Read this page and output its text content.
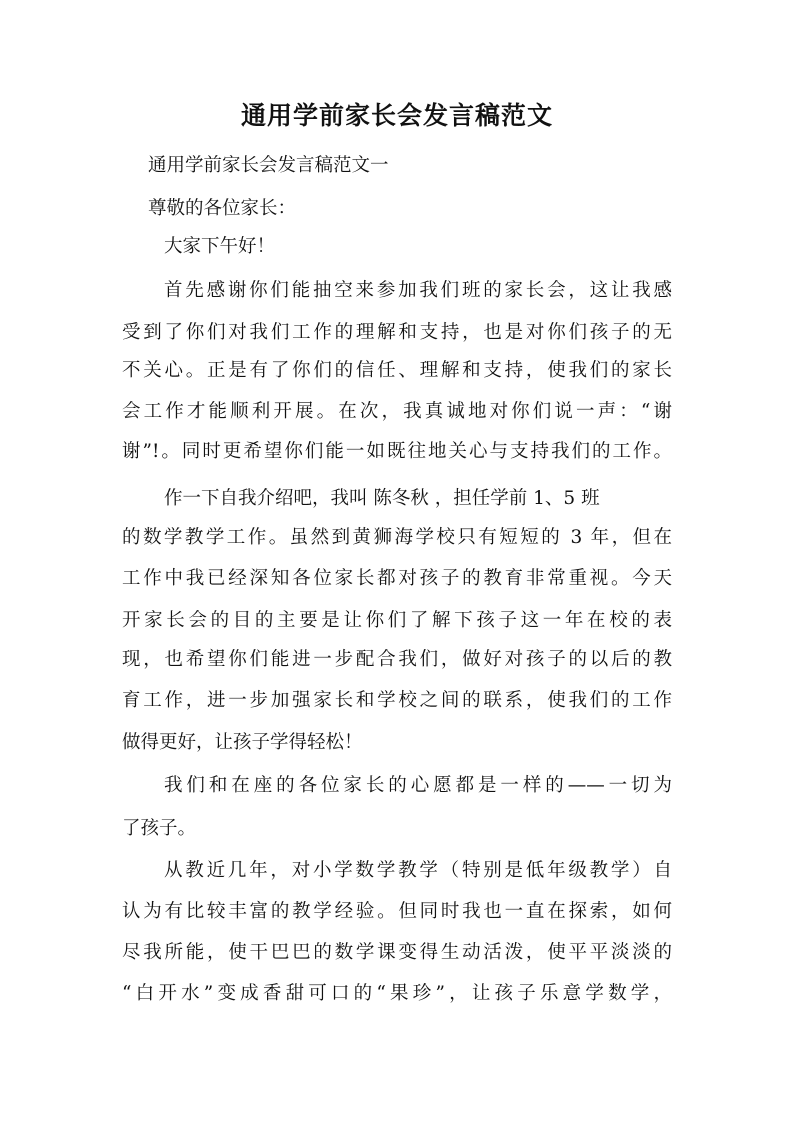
通用学前家长会发言稿范文
通用学前家长会发言稿范文一
尊敬的各位家长：
大家下午好！
首先感谢你们能抽空来参加我们班的家长会，这让我感
受到了你们对我们工作的理解和支持，也是对你们孩子的无
不关心。正是有了你们的信任、理解和支持，使我们的家长
会工作才能顺利开展。在次，我真诚地对你们说一声：“谢
谢”!。同时更希望你们能一如既往地关心与支持我们的工作。
作一下自我介绍吧，我叫 陈冬秋 ，担任学前 1、5 班
的数学教学工作。虽然到黄狮海学校只有短短的 3 年，但在
工作中我已经深知各位家长都对孩子的教育非常重视。今天
开家长会的目的主要是让你们了解下孩子这一年在校的表
现，也希望你们能进一步配合我们，做好对孩子的以后的教
育工作，进一步加强家长和学校之间的联系，使我们的工作
做得更好，让孩子学得轻松！
我们和在座的各位家长的心愿都是一样的——一切为
了孩子。
从教近几年，对小学数学教学（特别是低年级教学）自
认为有比较丰富的教学经验。但同时我也一直在探索，如何
尽我所能，使干巴巴的数学课变得生动活泼，使平平淡淡的
“白开水”变成香甜可口的“果珍”，让孩子乐意学数学，
